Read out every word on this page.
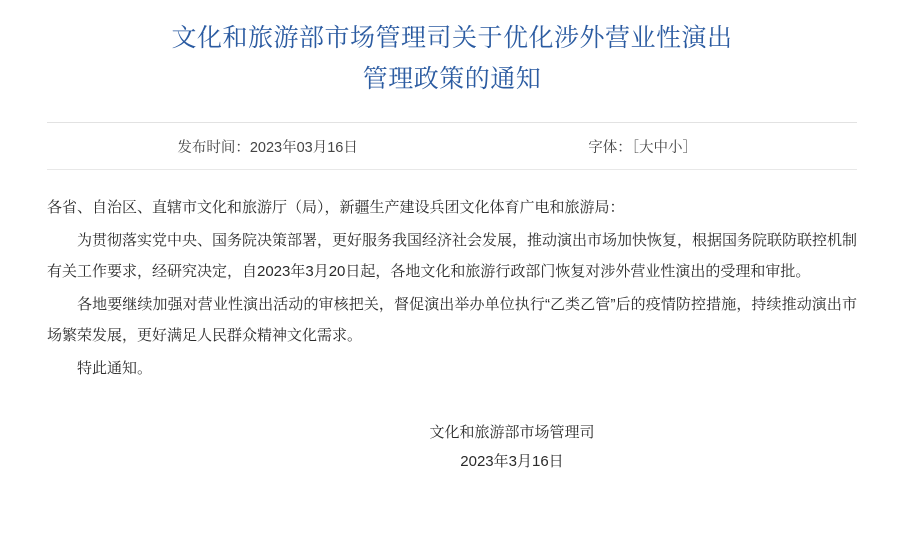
文化和旅游部市场管理司关于优化涉外营业性演出
管理政策的通知
发布时间：2023年03月16日	字体：［大中小］

各省、自治区、直辖市文化和旅游厅（局），新疆生产建设兵团文化体育广电和旅游局：

为贯彻落实党中央、国务院决策部署，更好服务我国经济社会发展，推动演出市场加快恢复，根据国务院联防联控机制有关工作要求，经研究决定，自2023年3月20日起，各地文化和旅游行政部门恢复对涉外营业性演出的受理和审批。

各地要继续加强对营业性演出活动的审核把关，督促演出举办单位执行“乙类乙管”后的疫情防控措施，持续推动演出市场繁荣发展，更好满足人民群众精神文化需求。

特此通知。

文化和旅游部市场管理司
2023年3月16日
